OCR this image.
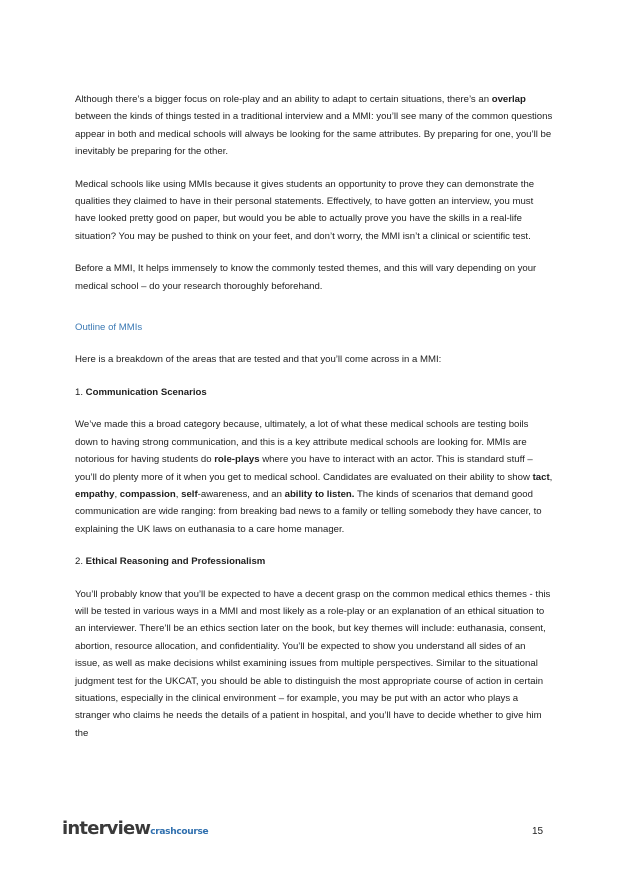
Although there’s a bigger focus on role-play and an ability to adapt to certain situations, there’s an overlap between the kinds of things tested in a traditional interview and a MMI: you’ll see many of the common questions appear in both and medical schools will always be looking for the same attributes. By preparing for one, you’ll be inevitably be preparing for the other.

Medical schools like using MMIs because it gives students an opportunity to prove they can demonstrate the qualities they claimed to have in their personal statements. Effectively, to have gotten an interview, you must have looked pretty good on paper, but would you be able to actually prove you have the skills in a real-life situation? You may be pushed to think on your feet, and don’t worry, the MMI isn’t a clinical or scientific test.

Before a MMI, It helps immensely to know the commonly tested themes, and this will vary depending on your medical school – do your research thoroughly beforehand.

Outline of MMIs

Here is a breakdown of the areas that are tested and that you’ll come across in a MMI:

1. Communication Scenarios

We’ve made this a broad category because, ultimately, a lot of what these medical schools are testing boils down to having strong communication, and this is a key attribute medical schools are looking for. MMIs are notorious for having students do role-plays where you have to interact with an actor. This is standard stuff – you’ll do plenty more of it when you get to medical school. Candidates are evaluated on their ability to show tact, empathy, compassion, self-awareness, and an ability to listen. The kinds of scenarios that demand good communication are wide ranging: from breaking bad news to a family or telling somebody they have cancer, to explaining the UK laws on euthanasia to a care home manager.

2. Ethical Reasoning and Professionalism

You’ll probably know that you’ll be expected to have a decent grasp on the common medical ethics themes - this will be tested in various ways in a MMI and most likely as a role-play or an explanation of an ethical situation to an interviewer. There’ll be an ethics section later on the book, but key themes will include: euthanasia, consent, abortion, resource allocation, and confidentiality. You’ll be expected to show you understand all sides of an issue, as well as make decisions whilst examining issues from multiple perspectives. Similar to the situational judgment test for the UKCAT, you should be able to distinguish the most appropriate course of action in certain situations, especially in the clinical environment – for example, you may be put with an actor who plays a stranger who claims he needs the details of a patient in hospital, and you’ll have to decide whether to give him the

interviewcrashcourse	15
